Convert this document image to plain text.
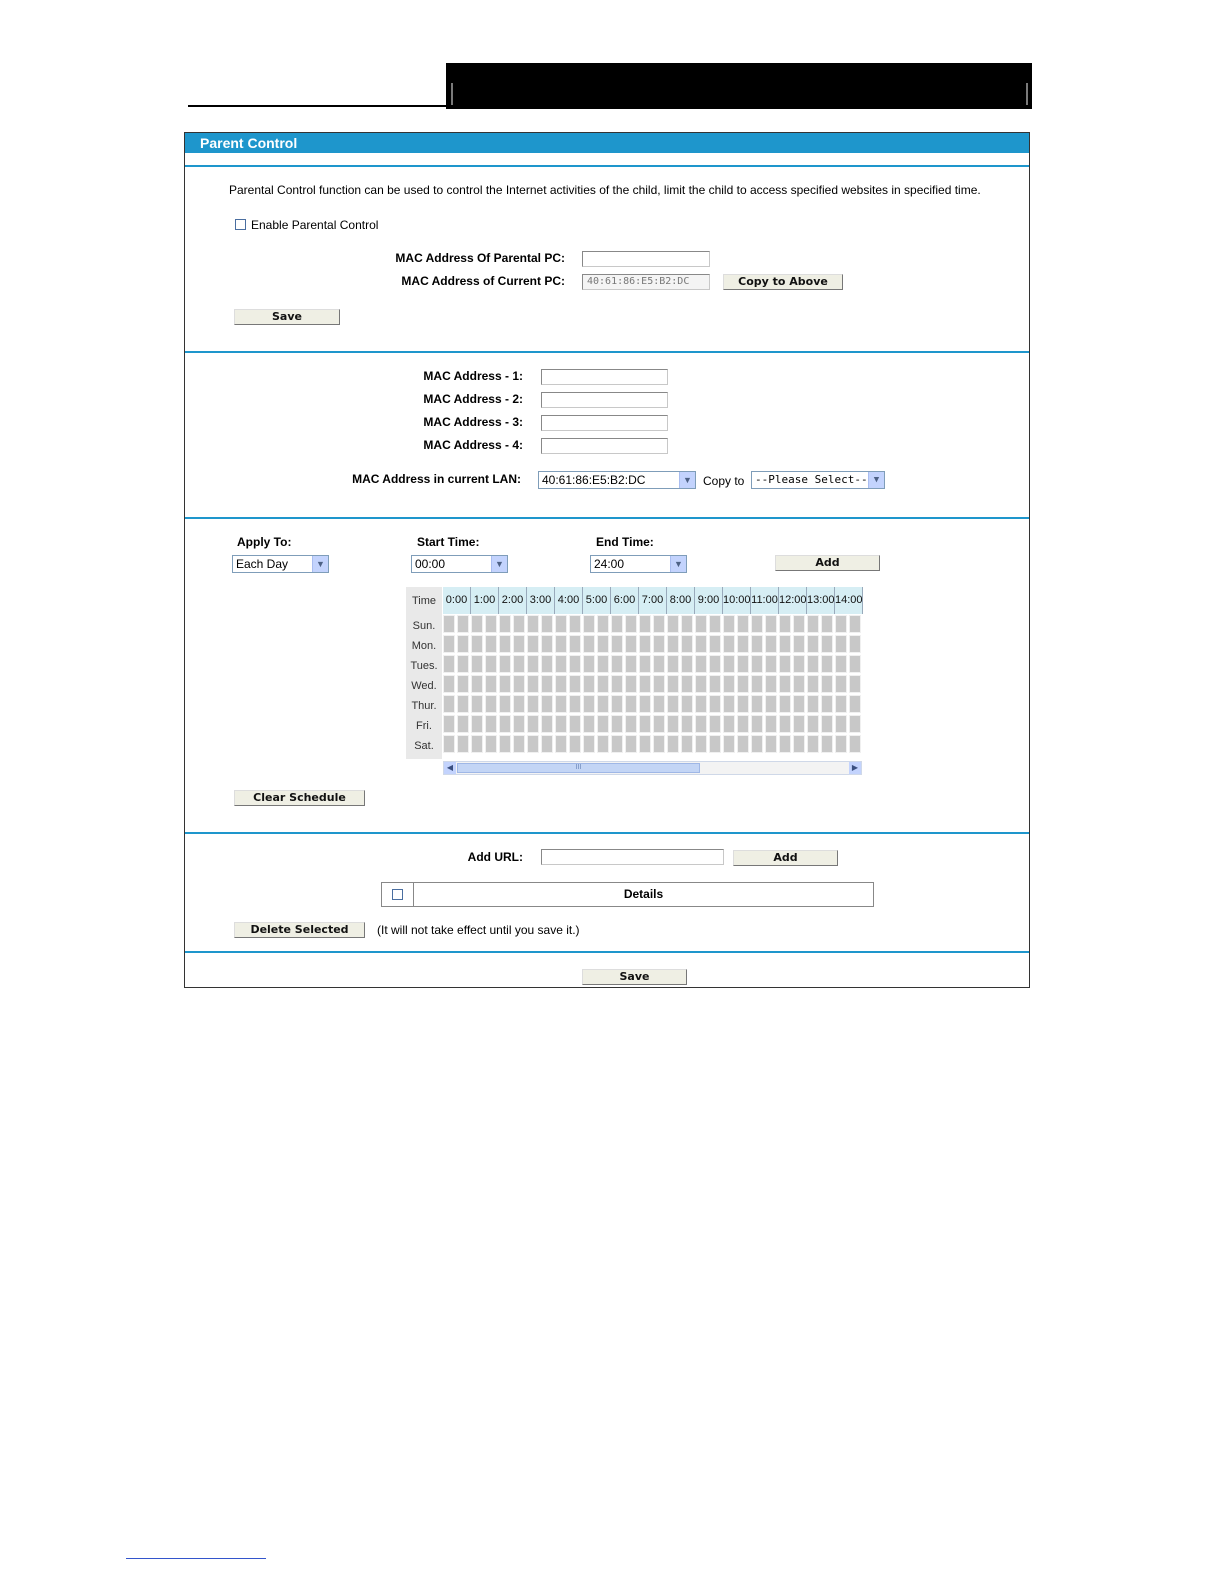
Parent Control
Parental Control function can be used to control the Internet activities of the child, limit the child to access specified websites in specified time.
Enable Parental Control
MAC Address Of Parental PC:
MAC Address of Current PC:	40:61:86:E5:B2:DC	Copy to Above
Save
MAC Address - 1:
MAC Address - 2:
MAC Address - 3:
MAC Address - 4:
MAC Address in current LAN:	40:61:86:E5:B2:DC	▼ Copy to --Please Select-- ▼
Apply To:	Start Time:	End Time:
Each Day	▼	00:00	▼	24:00	▼	Add
Time
◀	III	▶
0:00 1:00 2:00 3:00 4:00 5:00 6:00 7:00 8:00 9:00 10:00 11:00 12:00 13:00 14:00
Sun.
Mon.
Tues.
Wed.
Thur.
Fri.
Sat.
Clear Schedule
Add URL:	Add
Details
Delete Selected	(It will not take effect until you save it.)
Save
